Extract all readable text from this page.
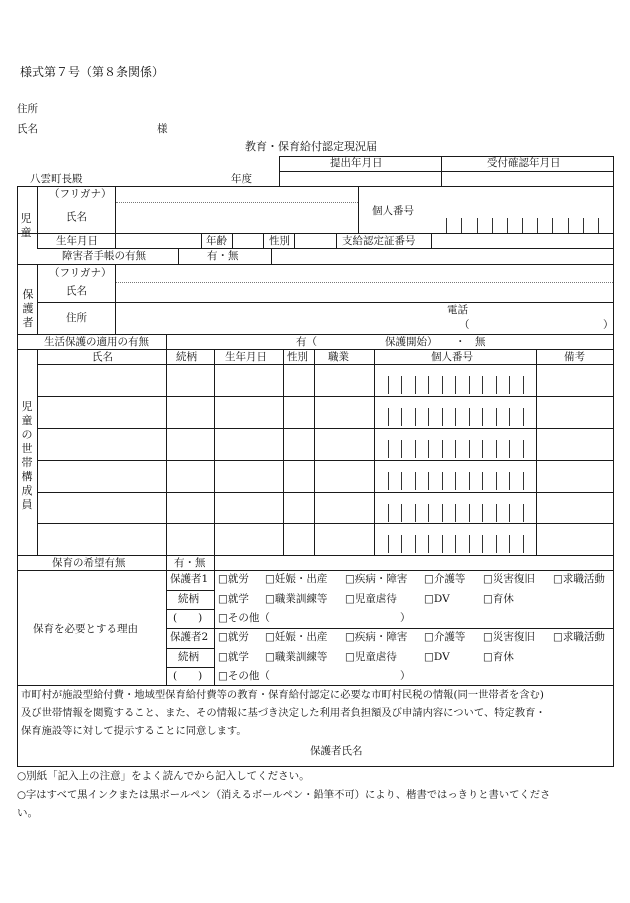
様式第７号（第８条関係）
住所
氏名	様
教育・保育給付認定現況届
提出年月日	受付確認年月日
八雲町長殿	年度
児童
（フリガナ）
氏名	個人番号
生年月日	年齢	性別	支給認定証番号
障害者手帳の有無	有・無
保護者
（フリガナ）
氏名
住所
電話
（	）
生活保護の適用の有無	有（	保護開始） ・ 無
児童の世帯構成員
氏名	続柄	生年月日 性別 職業	個人番号	備考
保育の希望有無	有・無
保育を必要とする理由
保護者1
続柄
(　　)
□就労 □妊娠・出産 □疾病・障害 □介護等 □災害復旧 □求職活動
□就学 □職業訓練等 □児童虐待	□DV	□育休
□その他（	）
保護者2
続柄
(　　)
□就労 □妊娠・出産 □疾病・障害 □介護等 □災害復旧 □求職活動
□就学 □職業訓練等 □児童虐待	□DV	□育休
□その他（	）
市町村が施設型給付費・地域型保育給付費等の教育・保育給付認定に必要な市町村民税の情報(同一世帯者を含む)
及び世帯情報を閲覧すること、また、その情報に基づき決定した利用者負担額及び申請内容について、特定教育・
保育施設等に対して提示することに同意します。
保護者氏名
○別紙「記入上の注意」をよく読んでから記入してください。
○字はすべて黒インクまたは黒ボールペン（消えるボールペン・鉛筆不可）により、楷書ではっきりと書いてくださ
い。
